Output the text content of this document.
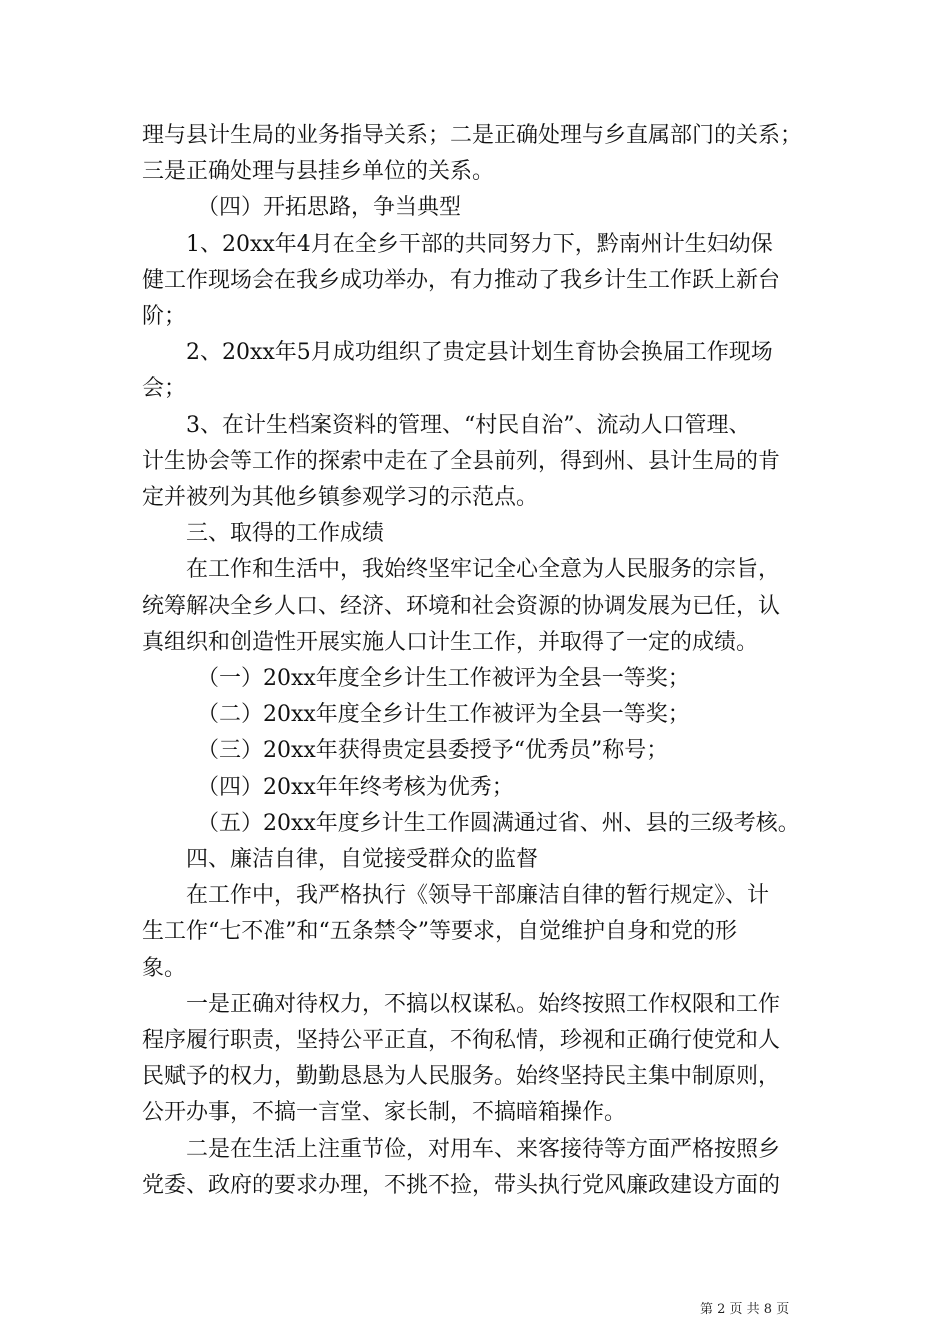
理与县计生局的业务指导关系；二是正确处理与乡直属部门的关系；

三是正确处理与县挂乡单位的关系。

（四）开拓思路，争当典型

1、20xx年4月在全乡干部的共同努力下，黔南州计生妇幼保

健工作现场会在我乡成功举办，有力推动了我乡计生工作跃上新台

阶；

2、20xx年5月成功组织了贵定县计划生育协会换届工作现场

会；

3、在计生档案资料的管理、“村民自治”、流动人口管理、

计生协会等工作的探索中走在了全县前列，得到州、县计生局的肯

定并被列为其他乡镇参观学习的示范点。

三、取得的工作成绩

在工作和生活中，我始终坚牢记全心全意为人民服务的宗旨，

统筹解决全乡人口、经济、环境和社会资源的协调发展为已任，认

真组织和创造性开展实施人口计生工作，并取得了一定的成绩。

（一）20xx年度全乡计生工作被评为全县一等奖；

（二）20xx年度全乡计生工作被评为全县一等奖；

（三）20xx年获得贵定县委授予“优秀员”称号；

（四）20xx年年终考核为优秀；

（五）20xx年度乡计生工作圆满通过省、州、县的三级考核。

四、廉洁自律，自觉接受群众的监督

在工作中，我严格执行《领导干部廉洁自律的暂行规定》、计

生工作“七不准”和“五条禁令”等要求，自觉维护自身和党的形

象。

一是正确对待权力，不搞以权谋私。始终按照工作权限和工作

程序履行职责，坚持公平正直，不徇私情，珍视和正确行使党和人

民赋予的权力，勤勤恳恳为人民服务。始终坚持民主集中制原则，

公开办事，不搞一言堂、家长制，不搞暗箱操作。

二是在生活上注重节俭，对用车、来客接待等方面严格按照乡

党委、政府的要求办理，不挑不捡，带头执行党风廉政建设方面的

第 2 页 共 8 页
